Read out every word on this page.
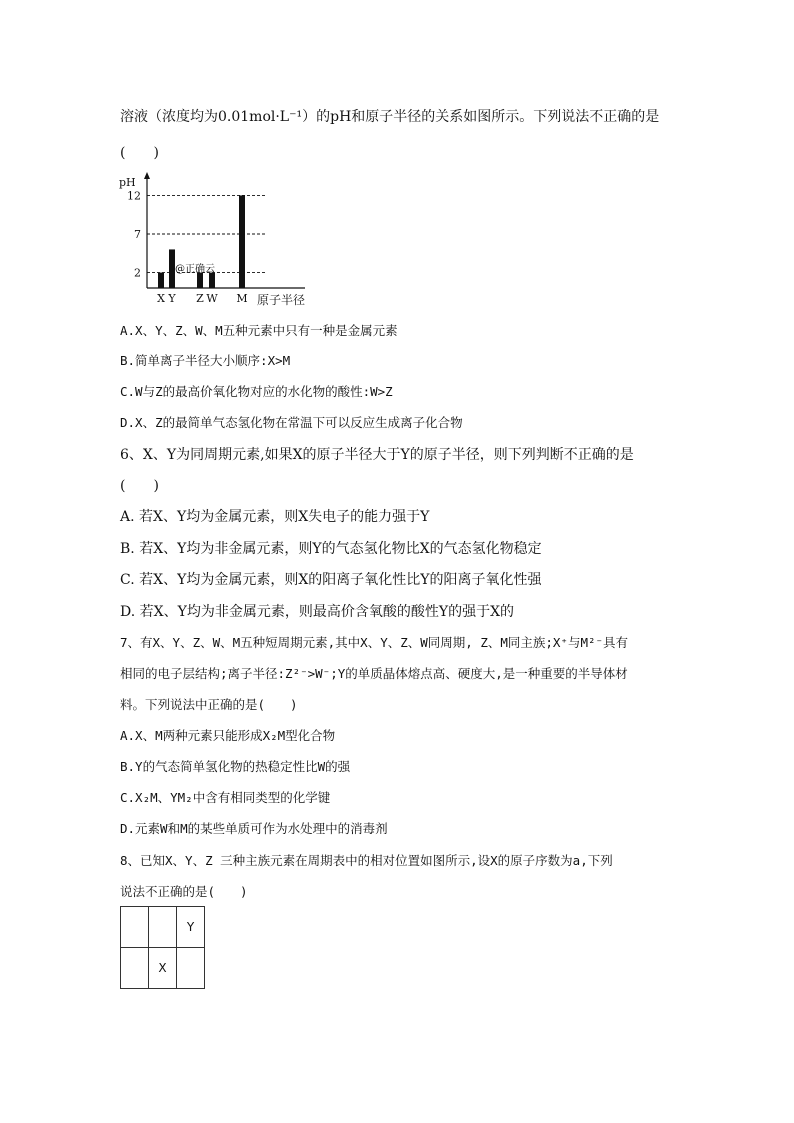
溶液（浓度均为0.01mol·L⁻¹）的pH和原子半径的关系如图所示。下列说法不正确的是
(　　)
pH
2
7
12
X Y Z W M
@正确云
原子半径
A.X、Y、Z、W、M五种元素中只有一种是金属元素
B.简单离子半径大小顺序:X>M
C.W与Z的最高价氧化物对应的水化物的酸性:W>Z
D.X、Z的最简单气态氢化物在常温下可以反应生成离子化合物
6、X、Y为同周期元素,如果X的原子半径大于Y的原子半径，则下列判断不正确的是
(　　)
A. 若X、Y均为金属元素，则X失电子的能力强于Y
B. 若X、Y均为非金属元素，则Y的气态氢化物比X的气态氢化物稳定
C. 若X、Y均为金属元素，则X的阳离子氧化性比Y的阳离子氧化性强
D. 若X、Y均为非金属元素，则最高价含氧酸的酸性Y的强于X的
7、有X、Y、Z、W、M五种短周期元素,其中X、Y、Z、W同周期, Z、M同主族;X⁺与M²⁻具有
相同的电子层结构;离子半径:Z²⁻>W⁻;Y的单质晶体熔点高、硬度大,是一种重要的半导体材
料。下列说法中正确的是(　　)
A.X、M两种元素只能形成X₂M型化合物
B.Y的气态简单氢化物的热稳定性比W的强
C.X₂M、YM₂中含有相同类型的化学键
D.元素W和M的某些单质可作为水处理中的消毒剂
8、已知X、Y、Z 三种主族元素在周期表中的相对位置如图所示,设X的原子序数为a,下列
说法不正确的是(　　)
		Y
	X	
